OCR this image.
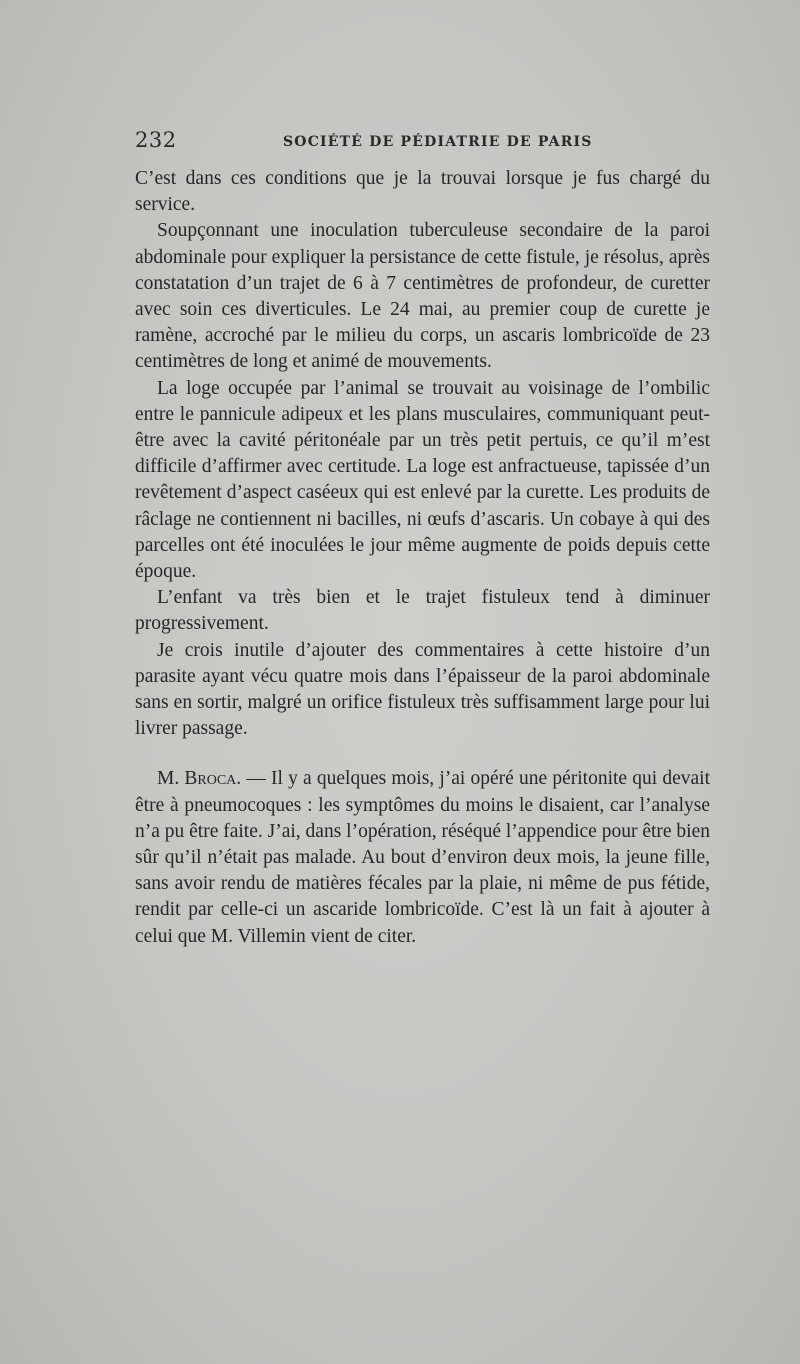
232	SOCIÉTÉ DE PÉDIATRIE DE PARIS

C’est dans ces conditions que je la trouvai lorsque je fus chargé du service.

Soupçonnant une inoculation tuberculeuse secondaire de la paroi abdominale pour expliquer la persistance de cette fistule, je résolus, après constatation d’un trajet de 6 à 7 centimètres de profondeur, de curetter avec soin ces diverticules. Le 24 mai, au premier coup de curette je ramène, accroché par le milieu du corps, un ascaris lombricoïde de 23 centimètres de long et animé de mouvements.

La loge occupée par l’animal se trouvait au voisinage de l’ombilic entre le pannicule adipeux et les plans musculaires, communiquant peut-être avec la cavité péritonéale par un très petit pertuis, ce qu’il m’est difficile d’affirmer avec certitude. La loge est anfractueuse, tapissée d’un revêtement d’aspect caséeux qui est enlevé par la curette. Les produits de râclage ne contiennent ni bacilles, ni œufs d’ascaris. Un cobaye à qui des parcelles ont été inoculées le jour même augmente de poids depuis cette époque.

L’enfant va très bien et le trajet fistuleux tend à diminuer progressivement.

Je crois inutile d’ajouter des commentaires à cette histoire d’un parasite ayant vécu quatre mois dans l’épaisseur de la paroi abdominale sans en sortir, malgré un orifice fistuleux très suffisamment large pour lui livrer passage.

M. Broca. — Il y a quelques mois, j’ai opéré une péritonite qui devait être à pneumocoques : les symptômes du moins le disaient, car l’analyse n’a pu être faite. J’ai, dans l’opération, réséqué l’appendice pour être bien sûr qu’il n’était pas malade. Au bout d’environ deux mois, la jeune fille, sans avoir rendu de matières fécales par la plaie, ni même de pus fétide, rendit par celle-ci un ascaride lombricoïde. C’est là un fait à ajouter à celui que M. Villemin vient de citer.
